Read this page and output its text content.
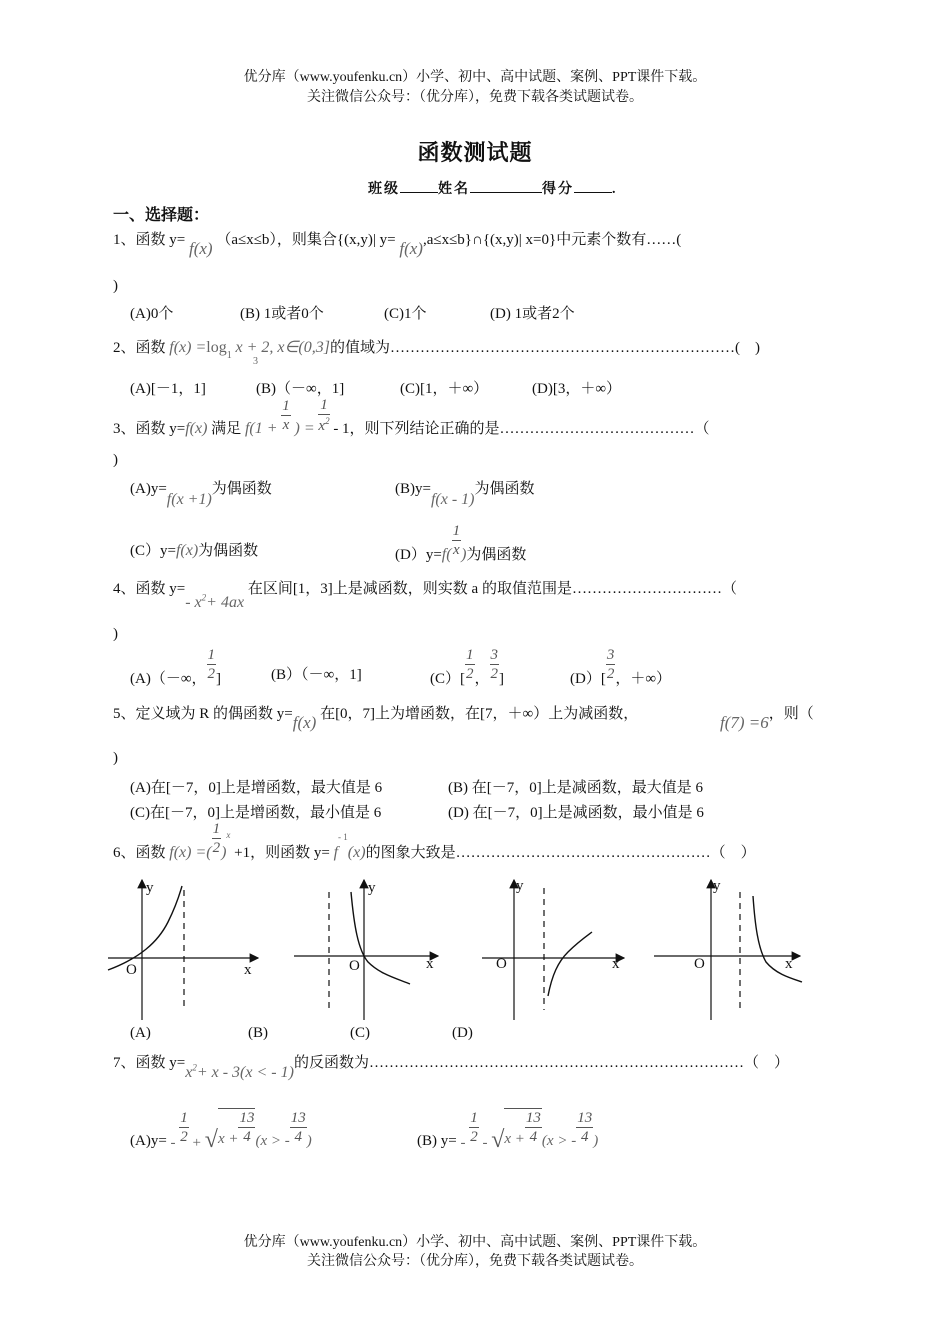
优分库（www.youfenku.cn）小学、初中、高中试题、案例、PPT课件下载。
关注微信公众号：（优分库），免费下载各类试题试卷。
函数测试题
班级	姓名	得分	.
一、选择题：
1、函数 y= f(x) （a≤x≤b），则集合{(x,y)| y= f(x),a≤x≤b}∩{(x,y)| x=0}中元素个数有……(
)
(A)0个	(B) 1或者0个	(C)1个	(D) 1或者2个
2、函数 $f(x) =\log_1$ x + 2, x∈(0,3]的值域为……………………………………………………………(　)
3
(A)[－1，1]	(B)（－∞，1]	(C)[1，＋∞）	(D)[3，＋∞）
3、函数 y=f(x) 满足 $f(1 + \frac{1}{x}$ ) = $\frac{1}{x^2} - 1$，则下列结论正确的是…………………………………（
)
(A)y=f(x +1)为偶函数	(B)y=f(x - 1)为偶函数
(C）y=f(x)为偶函数	$(D)y=f( \frac{1}{x}$ )为偶函数
4、函数 y=- $x^2+ 4ax$ 在区间[1，3]上是减函数，则实数 a 的取值范围是…………………………（
)
(A)（－∞， $\frac{1}{2}$ ]	(B）（－∞，1]	$(C)[ \frac{1}{2}$ ， $\frac{3}{2}$ ]	$(D)[ \frac{3}{2}$ ，＋∞）
5、定义域为 R 的偶函数 y=f(x) 在[0，7]上为增函数，在[7，＋∞）上为减函数，	f(7) =6，则（
)
(A)在[－7，0]上是增函数，最大值是 6	(B) 在[－7，0]上是减函数，最大值是 6
(C)在[－7，0]上是增函数，最小值是 6	(D) 在[－7，0]上是减函数，最小值是 6
6、函数 f(x) =( $\frac{1}{2} )^x +1$，则函数 $y= f^{- 1}(x)$的图象大致是……………………………………………（　）
y
x
O
y
x
O
y
x
O
y
x
O
(A)	(B)	(C)	(D)
7、函数 $y=x^2+ x - 3(x$ < - 1)的反函数为…………………………………………………………………（　）
$(A)y= - \frac{1}{2} + √x + \frac{13}{4} (x$ > - $\frac{13}{4}$ )	(B) $y= - \frac{1}{2} - √x + \frac{13}{4} (x$ > - $\frac{13}{4}$ )
优分库（www.youfenku.cn）小学、初中、高中试题、案例、PPT课件下载。
关注微信公众号：（优分库），免费下载各类试题试卷。
